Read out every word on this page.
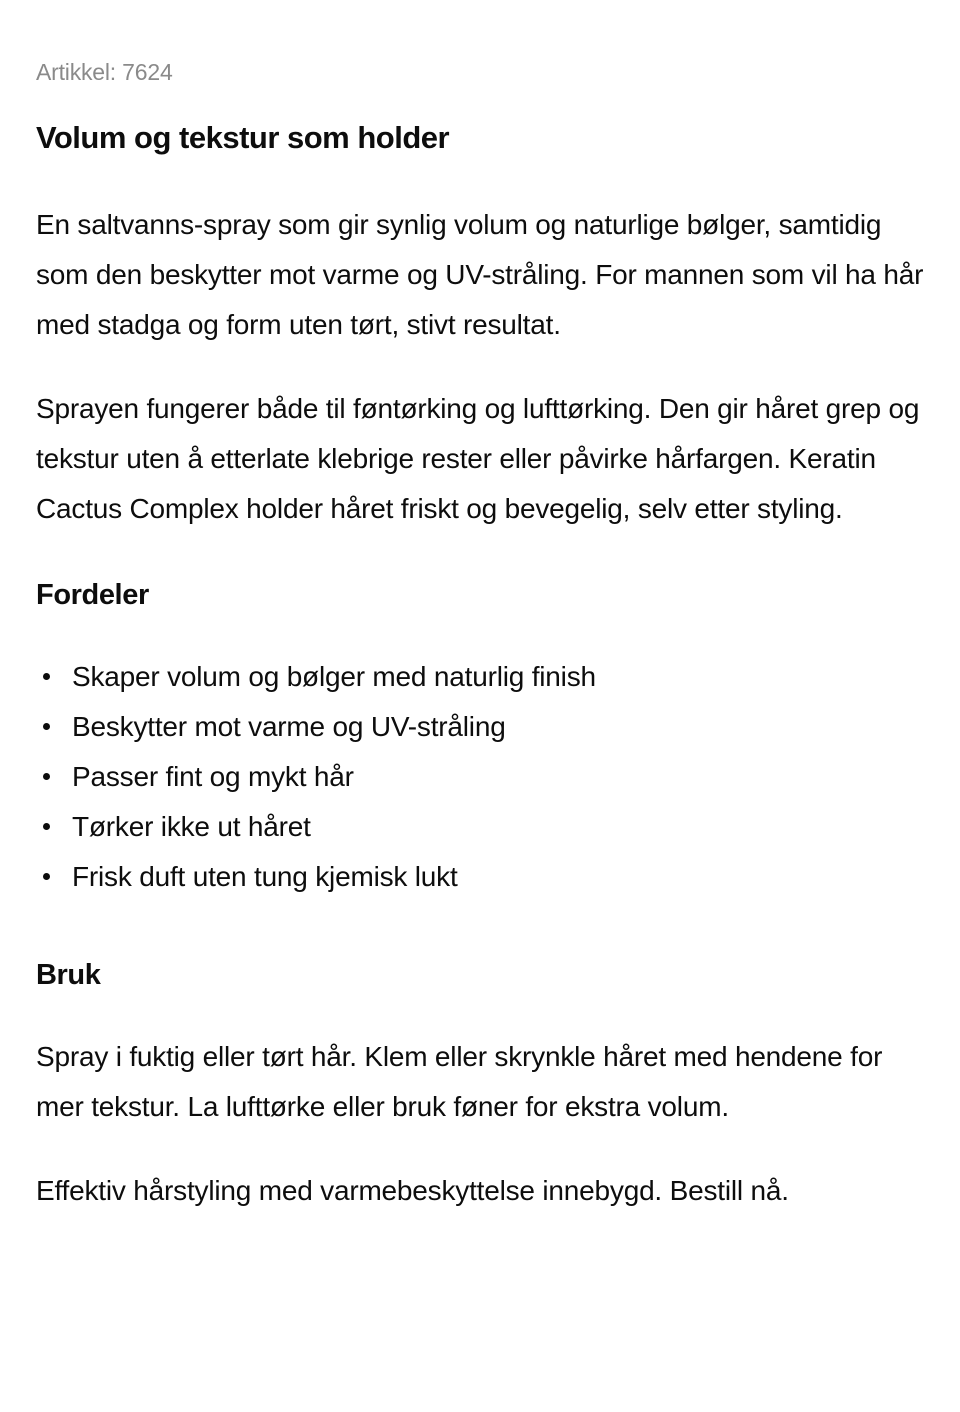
Artikkel: 7624
Volum og tekstur som holder

En saltvanns-spray som gir synlig volum og naturlige bølger, samtidig som den beskytter mot varme og UV-stråling. For mannen som vil ha hår med stadga og form uten tørt, stivt resultat.

Sprayen fungerer både til føntørking og lufttørking. Den gir håret grep og tekstur uten å etterlate klebrige rester eller påvirke hårfargen. Keratin Cactus Complex holder håret friskt og bevegelig, selv etter styling.

Fordeler
Skaper volum og bølger med naturlig finish
Beskytter mot varme og UV-stråling
Passer fint og mykt hår
Tørker ikke ut håret
Frisk duft uten tung kjemisk lukt
Bruk

Spray i fuktig eller tørt hår. Klem eller skrynkle håret med hendene for mer tekstur. La lufttørke eller bruk føner for ekstra volum.

Effektiv hårstyling med varmebeskyttelse innebygd. Bestill nå.
